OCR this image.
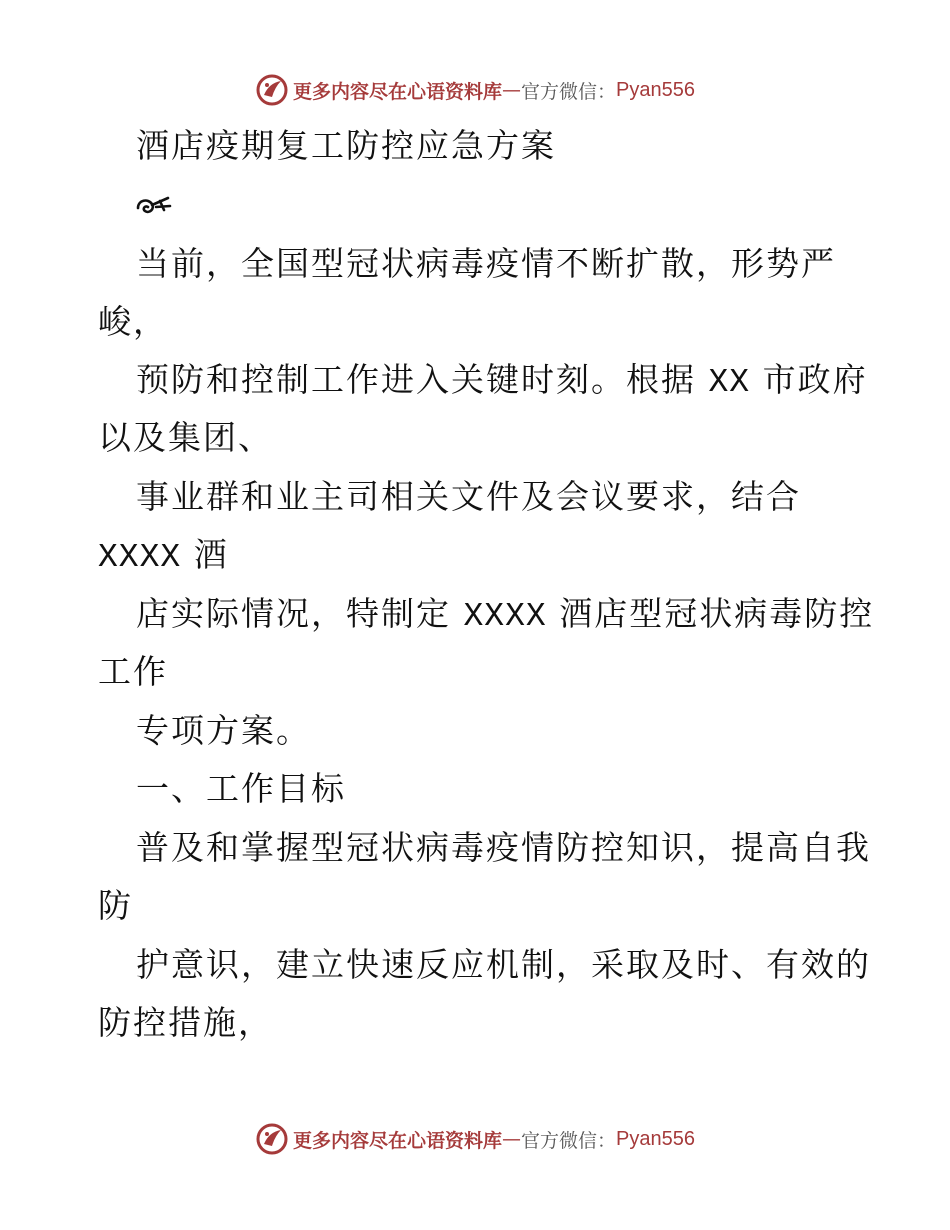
更多内容尽在心语资料库 — 官方微信： Pyan556
酒店疫期复工防控应急方案
当前，全国型冠状病毒疫情不断扩散，形势严
峻，
预防和控制工作进入关键时刻。根据 XX 市政府
以及集团、
事业群和业主司相关文件及会议要求，结合
XXXX 酒
店实际情况，特制定 XXXX 酒店型冠状病毒防控
工作
专项方案。
一、工作目标
普及和掌握型冠状病毒疫情防控知识，提高自我
防
护意识，建立快速反应机制，采取及时、有效的
防控措施，
更多内容尽在心语资料库 — 官方微信： Pyan556
